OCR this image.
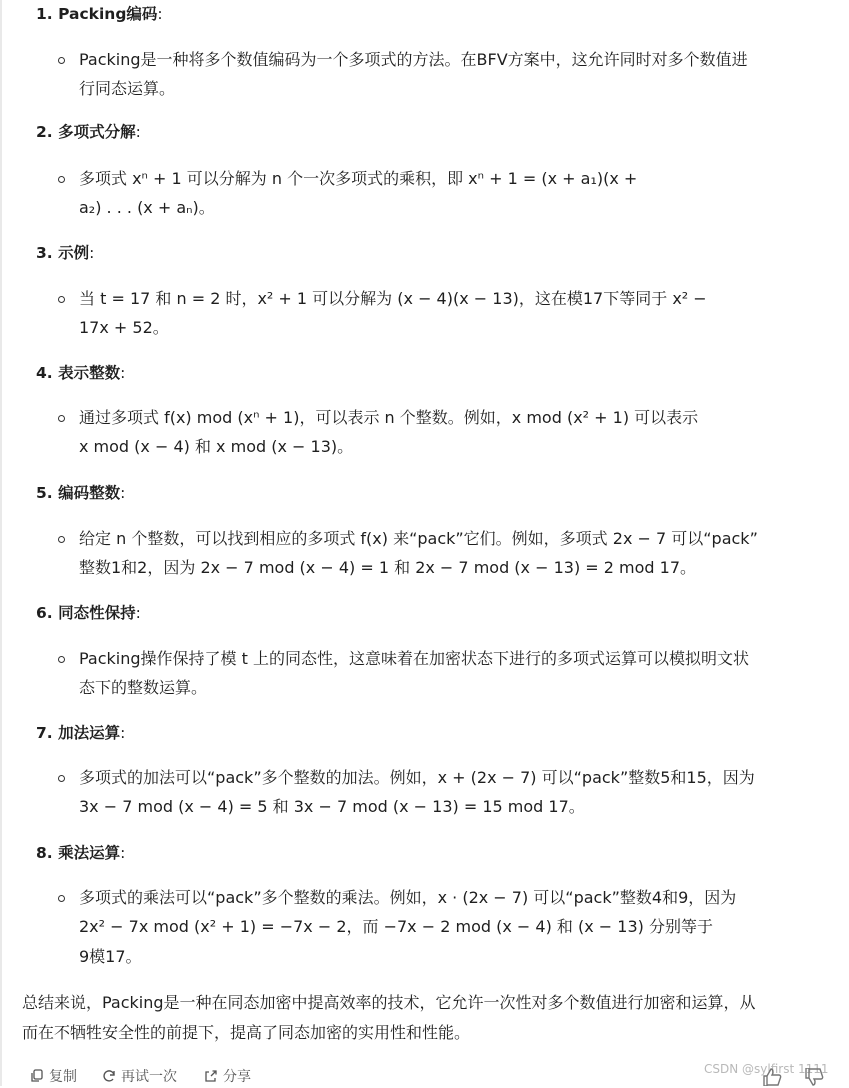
1. Packing编码:
Packing是一种将多个数值编码为一个多项式的方法。在BFV方案中，这允许同时对多个数值进
行同态运算。
2. 多项式分解:
多项式 xⁿ + 1 可以分解为 n 个一次多项式的乘积，即 xⁿ + 1 = (x + a₁)(x +
a₂) . . . (x + aₙ)。
3. 示例:
当 t = 17 和 n = 2 时，x² + 1 可以分解为 (x − 4)(x − 13)，这在模17下等同于 x² −
17x + 52。
4. 表示整数:
通过多项式 f(x) mod (xⁿ + 1)，可以表示 n 个整数。例如，x mod (x² + 1) 可以表示
x mod (x − 4) 和 x mod (x − 13)。
5. 编码整数:
给定 n 个整数，可以找到相应的多项式 f(x) 来“pack”它们。例如，多项式 2x − 7 可以“pack”
整数1和2，因为 2x − 7 mod (x − 4) = 1 和 2x − 7 mod (x − 13) = 2 mod 17。
6. 同态性保持:
Packing操作保持了模 t 上的同态性，这意味着在加密状态下进行的多项式运算可以模拟明文状
态下的整数运算。
7. 加法运算:
多项式的加法可以“pack”多个整数的加法。例如，x + (2x − 7) 可以“pack”整数5和15，因为
3x − 7 mod (x − 4) = 5 和 3x − 7 mod (x − 13) = 15 mod 17。
8. 乘法运算:
多项式的乘法可以“pack”多个整数的乘法。例如，x · (2x − 7) 可以“pack”整数4和9，因为
2x² − 7x mod (x² + 1) = −7x − 2，而 −7x − 2 mod (x − 4) 和 (x − 13) 分别等于
9模17。
总结来说，Packing是一种在同态加密中提高效率的技术，它允许一次性对多个数值进行加密和运算，从
而在不牺牲安全性的前提下，提高了同态加密的实用性和性能。
复制	再试一次	分享	CSDN @sylfirst 1111
